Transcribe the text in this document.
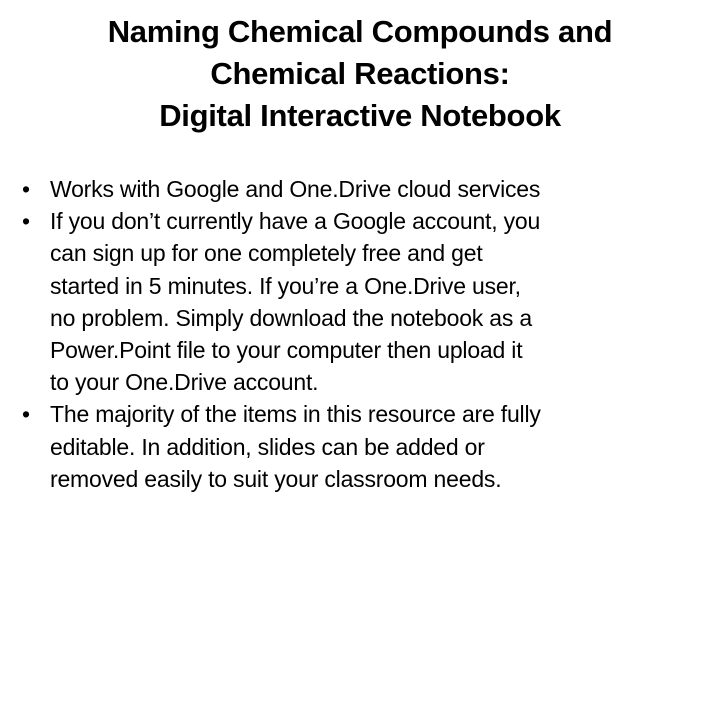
Naming Chemical Compounds and
Chemical Reactions:
Digital Interactive Notebook
• Works with Google and One.Drive cloud services
• If you don’t currently have a Google account, you
can sign up for one completely free and get
started in 5 minutes. If you’re a One.Drive user,
no problem. Simply download the notebook as a
Power.Point file to your computer then upload it
to your One.Drive account.
• The majority of the items in this resource are fully
editable. In addition, slides can be added or
removed easily to suit your classroom needs.
